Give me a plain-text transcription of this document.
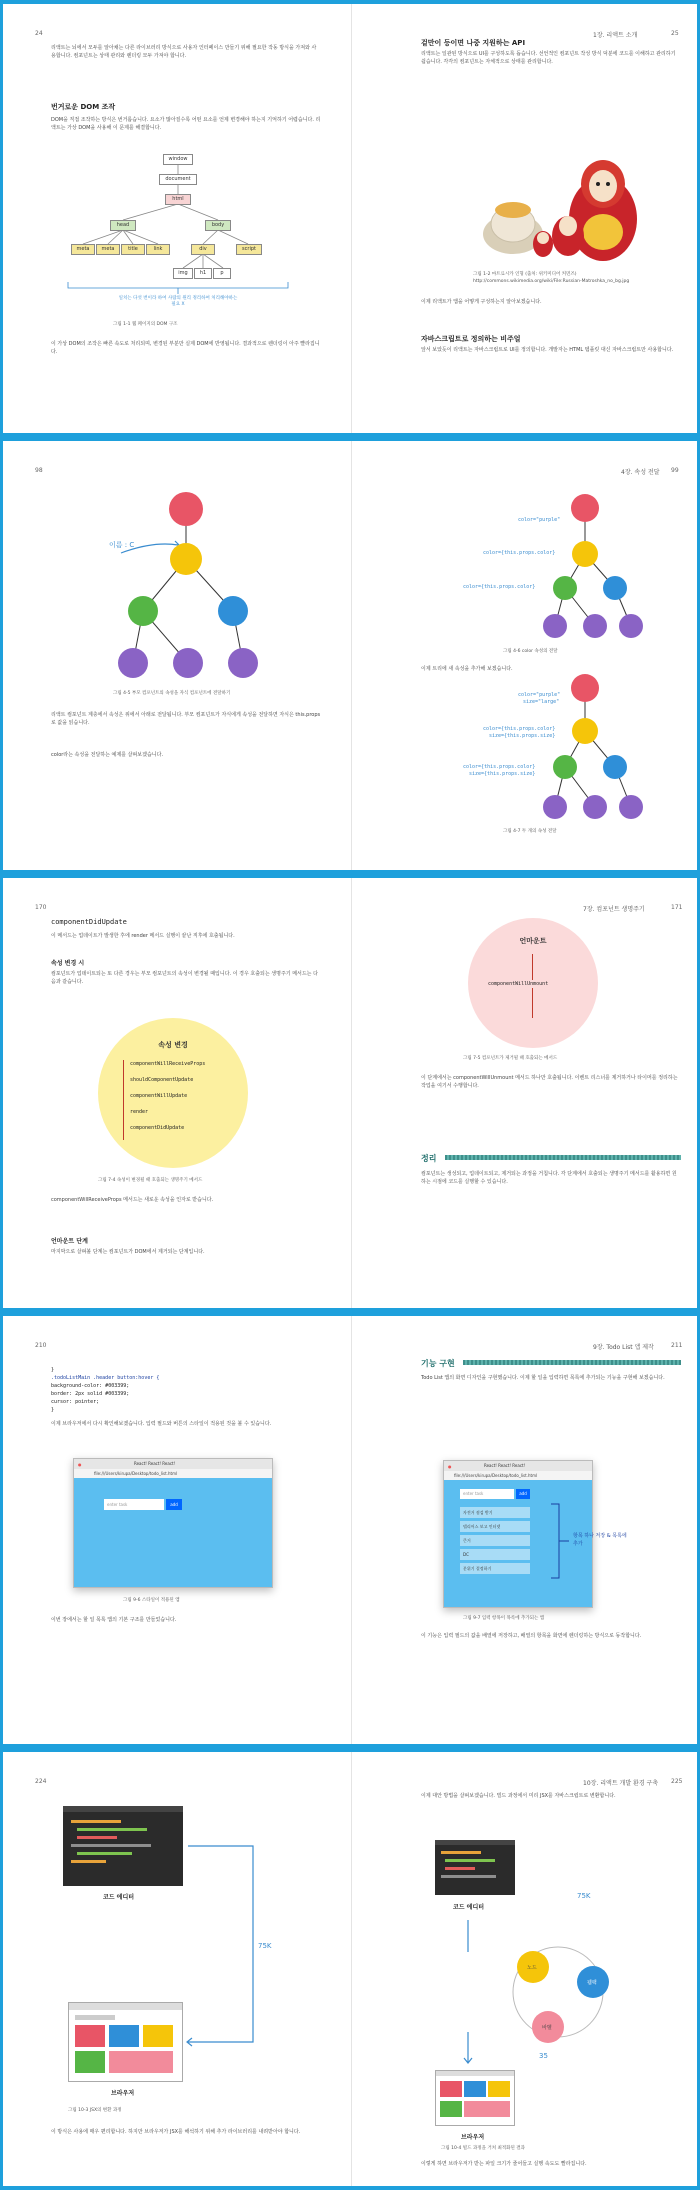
24	1장. 리액트 소개	25
리액트는 뇌에서 모두를 알아채는 다른 라이브러리 방식으로 사용자 인터페이스 만들기 위해 필요한 작동 방식을 가져와 사용합니다. 컴포넌트는 상태 관리와 렌더링 모두 가져야 합니다.
번거로운 DOM 조작
DOM을 직접 조작하는 방식은 번거롭습니다. 요소가 많아질수록 어떤 요소를 언제 변경해야 하는지 기억하기 어렵습니다. 리액트는 가상 DOM을 사용해 이 문제를 해결합니다.
window
document
html
head	body
meta	meta	title	link	div	script
img	h1	p
일치는 다섯 번이라 하여 사람의 원리 정리하여 처리해야하는 필요 X
그림 1-1 웹 페이지의 DOM 구조
이 가상 DOM의 조작은 빠른 속도로 처리되며, 변경된 부분만 실제 DOM에 반영됩니다. 결과적으로 렌더링이 아주 빨라집니다.
겉만이 등이면 나중 지원하는 API
리액트는 일관된 방식으로 UI를 구성하도록 돕습니다. 선언적인 컴포넌트 작성 방식 덕분에 코드를 이해하고 관리하기 쉽습니다. 각각의 컴포넌트는 자체적으로 상태를 관리합니다.
그림 1-2 마트료시카 인형 (출처: 위키미디어 커먼즈)
http://commons.wikimedia.org/wiki/File:Russian-Matroshka_no_bg.jpg
이제 리액트가 앱을 어떻게 구성하는지 알아보겠습니다.
자바스크립트로 정의하는 비주얼
앞서 보았듯이 리액트는 자바스크립트로 UI를 정의합니다. 개발자는 HTML 템플릿 대신 자바스크립트만 사용합니다.
98	4장. 속성 전달 99
이름 : C
그림 4-5 부모 컴포넌트의 속성을 자식 컴포넌트에 전달하기
리액트 컴포넌트 계층에서 속성은 위에서 아래로 전달됩니다. 부모 컴포넌트가 자식에게 속성을 전달하면 자식은 this.props로 값을 읽습니다.
color라는 속성을 전달하는 예제를 살펴보겠습니다.
color="purple"
color={this.props.color}
color={this.props.color}
그림 4-6 color 속성의 전달
이제 트리에 새 속성을 추가해 보겠습니다.
color="purple"
size="large"
color={this.props.color}
size={this.props.size}
color={this.props.color}
size={this.props.size}
그림 4-7 두 개의 속성 전달
170	7장. 컴포넌트 생명주기	171
componentDidUpdate
이 메서드는 업데이트가 발생한 후에 render 메서드 실행이 끝난 직후에 호출됩니다.
속성 변경 시
컴포넌트가 업데이트되는 또 다른 경우는 부모 컴포넌트의 속성이 변경될 때입니다. 이 경우 호출되는 생명주기 메서드는 다음과 같습니다.
속성 변경
componentWillReceiveProps
shouldComponentUpdate
componentWillUpdate
render
componentDidUpdate
그림 7-4 속성이 변경될 때 호출되는 생명주기 메서드
componentWillReceiveProps 메서드는 새로운 속성을 인자로 받습니다.
언마운트 단계
마지막으로 살펴볼 단계는 컴포넌트가 DOM에서 제거되는 단계입니다.
언마운트
componentWillUnmount
그림 7-5 컴포넌트가 제거될 때 호출되는 메서드
이 단계에서는 componentWillUnmount 메서드 하나만 호출됩니다. 이벤트 리스너를 제거하거나 타이머를 정리하는 작업을 여기서 수행합니다.
정리
컴포넌트는 생성되고, 업데이트되고, 제거되는 과정을 거칩니다. 각 단계에서 호출되는 생명주기 메서드를 활용하면 원하는 시점에 코드를 실행할 수 있습니다.
210	9장. Todo List 앱 제작	211
}
.todoListMain .header button:hover {
background-color: #003399;
border: 2px solid #003399;
cursor: pointer;
}
이제 브라우저에서 다시 확인해보겠습니다. 입력 필드와 버튼의 스타일이 적용된 것을 볼 수 있습니다.
●	React! React! React!
file:///Users/kirupa/Desktop/todo_list.html
enter task	add
그림 9-6 스타일이 적용된 앱
이번 장에서는 할 일 목록 앱의 기본 구조를 만들었습니다.
기능 구현
Todo List 앱의 화면 디자인을 구현했습니다. 이제 할 일을 입력하면 목록에 추가되는 기능을 구현해 보겠습니다.
●	React! React! React!
file:///Users/kirupa/Desktop/todo_list.html
enter task	add
자전거 점검 받기
델리어스 보고 인터넷
큰거
DC
분위기 결정하기
항목 하나 저장 & 목록에 추가
그림 9-7 입력 항목이 목록에 추가되는 앱
이 기능은 입력 필드의 값을 배열에 저장하고, 배열의 항목을 화면에 렌더링하는 방식으로 동작합니다.
224	10장. 리액트 개발 환경 구축 225
코드 에디터
75K
브라우저
그림 10-3 JSX의 변환 과정
이 방식은 사용에 매우 편리합니다. 하지만 브라우저가 JSX를 해석하기 위해 추가 라이브러리를 내려받아야 합니다.
이제 대안 방법을 살펴보겠습니다. 빌드 과정에서 미리 JSX를 자바스크립트로 변환합니다.
코드 에디터
75K
노드
웹팩
바벨
35
브라우저
그림 10-4 빌드 과정을 거쳐 최적화된 결과
이렇게 하면 브라우저가 받는 파일 크기가 줄어들고 실행 속도도 빨라집니다.
